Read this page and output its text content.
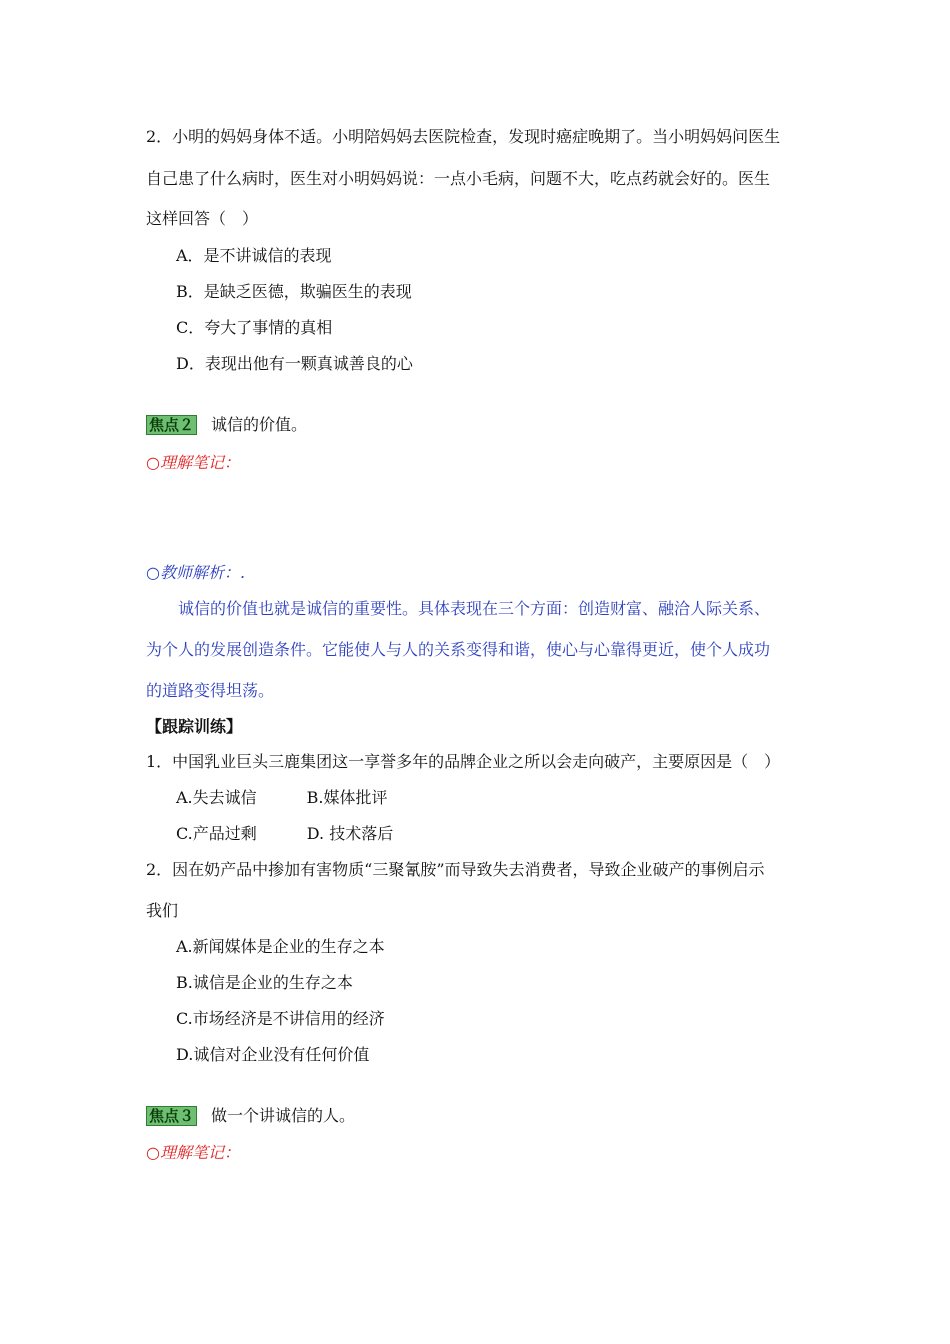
2．小明的妈妈身体不适。小明陪妈妈去医院检查，发现时癌症晚期了。当小明妈妈问医生
自己患了什么病时，医生对小明妈妈说：一点小毛病，问题不大，吃点药就会好的。医生
这样回答（　）
A．是不讲诚信的表现
B．是缺乏医德，欺骗医生的表现
C．夸大了事情的真相
D．表现出他有一颗真诚善良的心
焦点２ 诚信的价值。
○理解笔记：
○教师解析：.
诚信的价值也就是诚信的重要性。具体表现在三个方面：创造财富、融洽人际关系、
为个人的发展创造条件。它能使人与人的关系变得和谐，使心与心靠得更近，使个人成功
的道路变得坦荡。
【跟踪训练】
1．中国乳业巨头三鹿集团这一享誉多年的品牌企业之所以会走向破产，主要原因是（　）
A.失去诚信	B.媒体批评
C.产品过剩	D. 技术落后
2．因在奶产品中掺加有害物质“三聚氰胺”而导致失去消费者，导致企业破产的事例启示
我们
A.新闻媒体是企业的生存之本
B.诚信是企业的生存之本
C.市场经济是不讲信用的经济
D.诚信对企业没有任何价值
焦点３ 做一个讲诚信的人。
○理解笔记：
